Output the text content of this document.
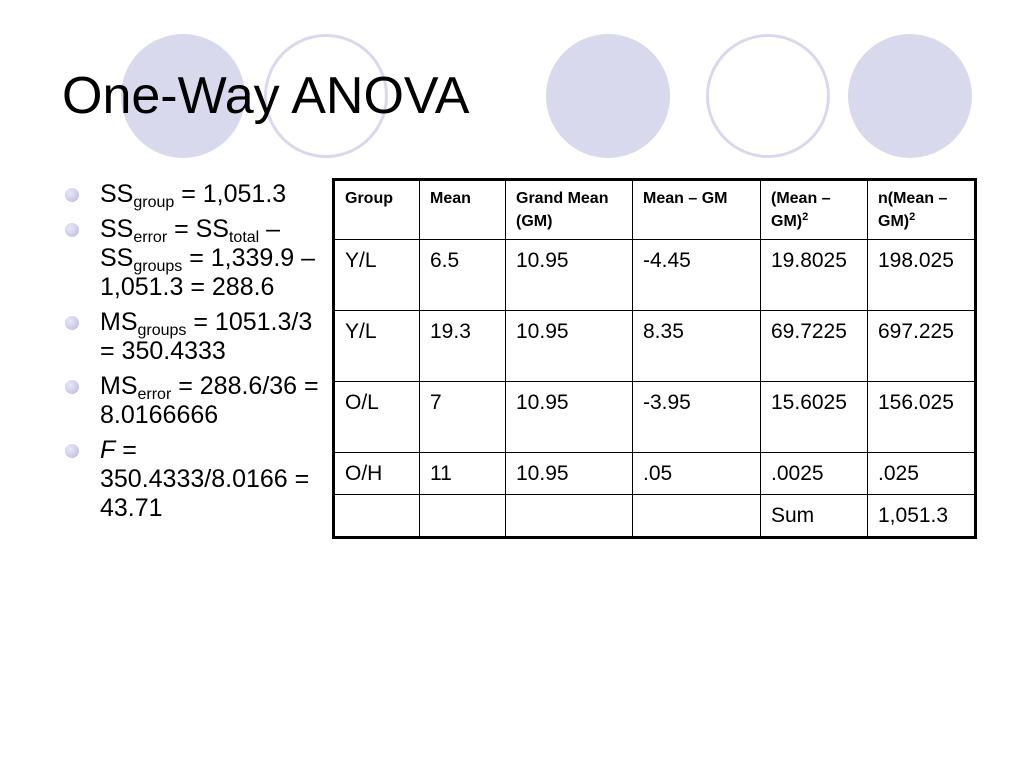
One-Way ANOVA
$SS_{group} = 1,051.3$
$SS_{error} = SS_{total} - SS_{groups} = 1,339.9 - 1,051.3 = 288.6$
$MS_{groups} = 1051.3/3 = 350.4333$
$MS_{error} = 288.6/36 = 8.0166666$
F = 350.4333/8.0166 = 43.71
Group	Mean	Grand Mean (GM)	Mean – GM	(Mean – GM)$^2$	n(Mean – GM)$^2$
Y/L	6.5	10.95	-4.45	19.8025	198.025
Y/L	19.3	10.95	8.35	69.7225	697.225
O/L	7	10.95	-3.95	15.6025	156.025
O/H	11	10.95	.05	.0025	.025
				Sum	1,051.3
